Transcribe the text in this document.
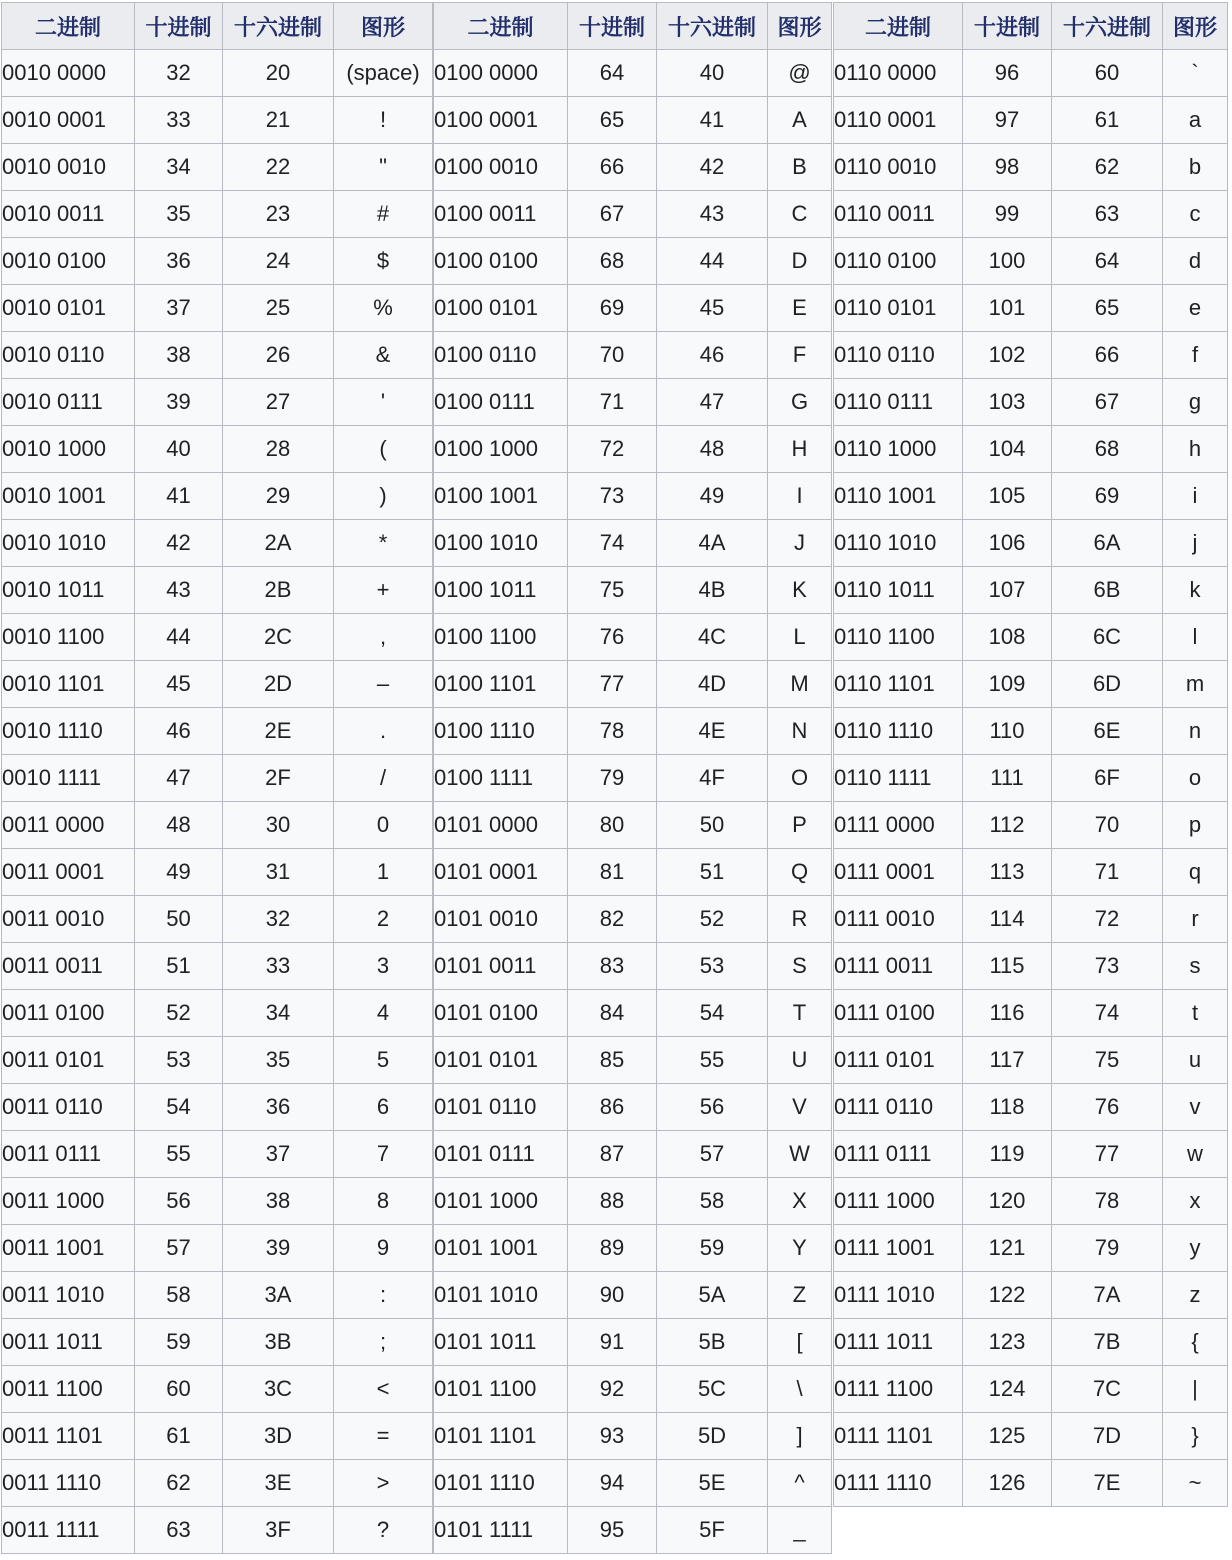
二进制	十进制	十六进制	图形
0010 0000	32	20	(space)
0010 0001	33	21	!
0010 0010	34	22	"
0010 0011	35	23	#
0010 0100	36	24	$
0010 0101	37	25	%
0010 0110	38	26	&
0010 0111	39	27	'
0010 1000	40	28	(
0010 1001	41	29	)
0010 1010	42	2A	*
0010 1011	43	2B	+
0010 1100	44	2C	,
0010 1101	45	2D	–
0010 1110	46	2E	.
0010 1111	47	2F	/
0011 0000	48	30	0
0011 0001	49	31	1
0011 0010	50	32	2
0011 0011	51	33	3
0011 0100	52	34	4
0011 0101	53	35	5
0011 0110	54	36	6
0011 0111	55	37	7
0011 1000	56	38	8
0011 1001	57	39	9
0011 1010	58	3A	:
0011 1011	59	3B	;
0011 1100	60	3C	<
0011 1101	61	3D	=
0011 1110	62	3E	>
0011 1111	63	3F	?
二进制	十进制	十六进制	图形
0100 0000	64	40	@
0100 0001	65	41	A
0100 0010	66	42	B
0100 0011	67	43	C
0100 0100	68	44	D
0100 0101	69	45	E
0100 0110	70	46	F
0100 0111	71	47	G
0100 1000	72	48	H
0100 1001	73	49	I
0100 1010	74	4A	J
0100 1011	75	4B	K
0100 1100	76	4C	L
0100 1101	77	4D	M
0100 1110	78	4E	N
0100 1111	79	4F	O
0101 0000	80	50	P
0101 0001	81	51	Q
0101 0010	82	52	R
0101 0011	83	53	S
0101 0100	84	54	T
0101 0101	85	55	U
0101 0110	86	56	V
0101 0111	87	57	W
0101 1000	88	58	X
0101 1001	89	59	Y
0101 1010	90	5A	Z
0101 1011	91	5B	[
0101 1100	92	5C	\
0101 1101	93	5D	]
0101 1110	94	5E	^
0101 1111	95	5F	_
二进制	十进制	十六进制	图形
0110 0000	96	60	`
0110 0001	97	61	a
0110 0010	98	62	b
0110 0011	99	63	c
0110 0100	100	64	d
0110 0101	101	65	e
0110 0110	102	66	f
0110 0111	103	67	g
0110 1000	104	68	h
0110 1001	105	69	i
0110 1010	106	6A	j
0110 1011	107	6B	k
0110 1100	108	6C	l
0110 1101	109	6D	m
0110 1110	110	6E	n
0110 1111	111	6F	o
0111 0000	112	70	p
0111 0001	113	71	q
0111 0010	114	72	r
0111 0011	115	73	s
0111 0100	116	74	t
0111 0101	117	75	u
0111 0110	118	76	v
0111 0111	119	77	w
0111 1000	120	78	x
0111 1001	121	79	y
0111 1010	122	7A	z
0111 1011	123	7B	{
0111 1100	124	7C	|
0111 1101	125	7D	}
0111 1110	126	7E	~
